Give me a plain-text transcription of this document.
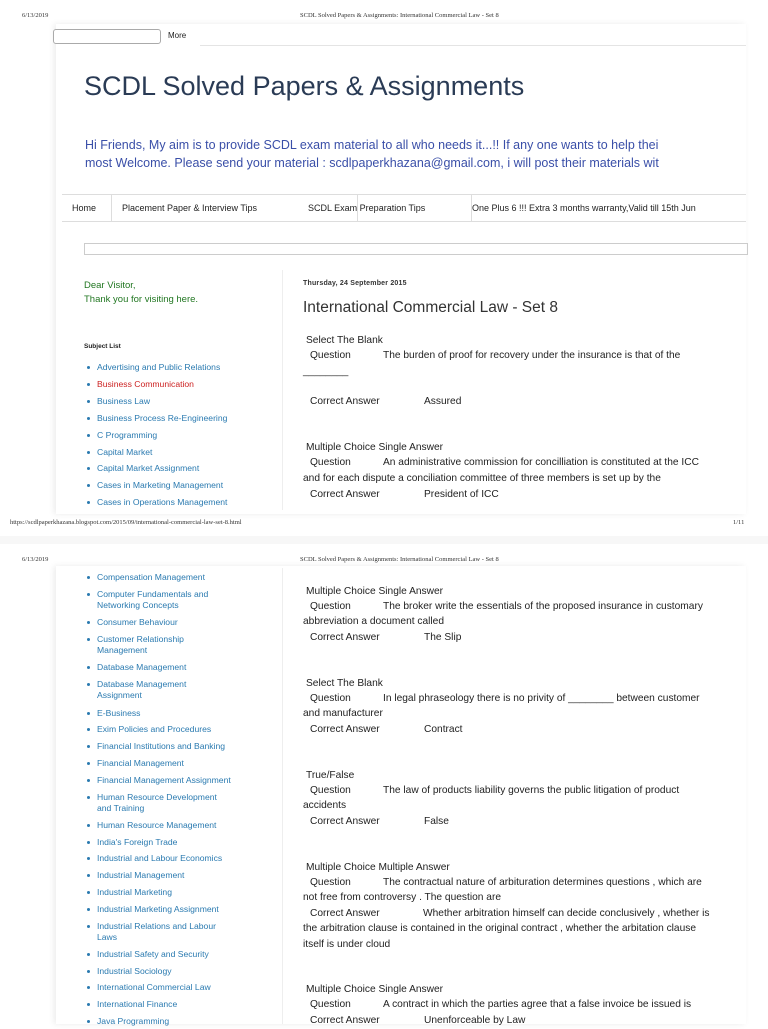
6/13/2019	SCDL Solved Papers & Assignments: International Commercial Law - Set 8
More
SCDL Solved Papers & Assignments
Hi Friends, My aim is to provide SCDL exam material to all who needs it...!! If any one wants to help thei
most Welcome. Please send your material : scdlpaperkhazana@gmail.com, i will post their materials wit
Home	Placement Paper & Interview Tips	SCDL Exam Preparation Tips	One Plus 6 !!! Extra 3 months warranty,Valid till 15th Jun
Dear Visitor,
Thank you for visiting here.
Subject List
Advertising and Public Relations
Business Communication
Business Law
Business Process Re-Engineering
C Programming
Capital Market
Capital Market Assignment
Cases in Marketing Management
Cases in Operations Management
Thursday, 24 September 2015
International Commercial Law - Set 8
Select The Blank
Question	The burden of proof for recovery under the insurance is that of the
________
Correct Answer	Assured
Multiple Choice Single Answer
Question	An administrative commission for concilliation is constituted at the ICC
and for each dispute a conciliation committee of three members is set up by the
Correct Answer	President of ICC
Multiple Choice Single Answer
Question	The broker write the essentials of the proposed insurance in customary
abbreviation a document called
Correct Answer	The Slip
Select The Blank
Question	In legal phraseology there is no privity of ________ between customer
and manufacturer
Correct Answer	Contract
True/False
Question	The law of products liability governs the public litigation of product
accidents
Correct Answer	False
Multiple Choice Multiple Answer
Question	The contractual nature of arbituration determines questions , which are
not free from controversy . The question are
Correct Answer	Whether arbitration himself can decide conclusively , whether is
the arbitration clause is contained in the original contract , whether the arbitation clause
itself is under cloud
Multiple Choice Single Answer
Question	A contract in which the parties agree that a false invoice be issued is
Correct Answer	Unenforceable by Law
https://scdlpaperkhazana.blogspot.com/2015/09/international-commercial-law-set-8.html	1/11
6/13/2019	SCDL Solved Papers & Assignments: International Commercial Law - Set 8
Compensation Management
Computer Fundamentals and
Networking Concepts
Consumer Behaviour
Customer Relationship
Management
Database Management
Database Management
Assignment
E-Business
Exim Policies and Procedures
Financial Institutions and Banking
Financial Management
Financial Management Assignment
Human Resource Development
and Training
Human Resource Management
India's Foreign Trade
Industrial and Labour Economics
Industrial Management
Industrial Marketing
Industrial Marketing Assignment
Industrial Relations and Labour
Laws
Industrial Safety and Security
Industrial Sociology
International Commercial Law
International Finance
Java Programming
